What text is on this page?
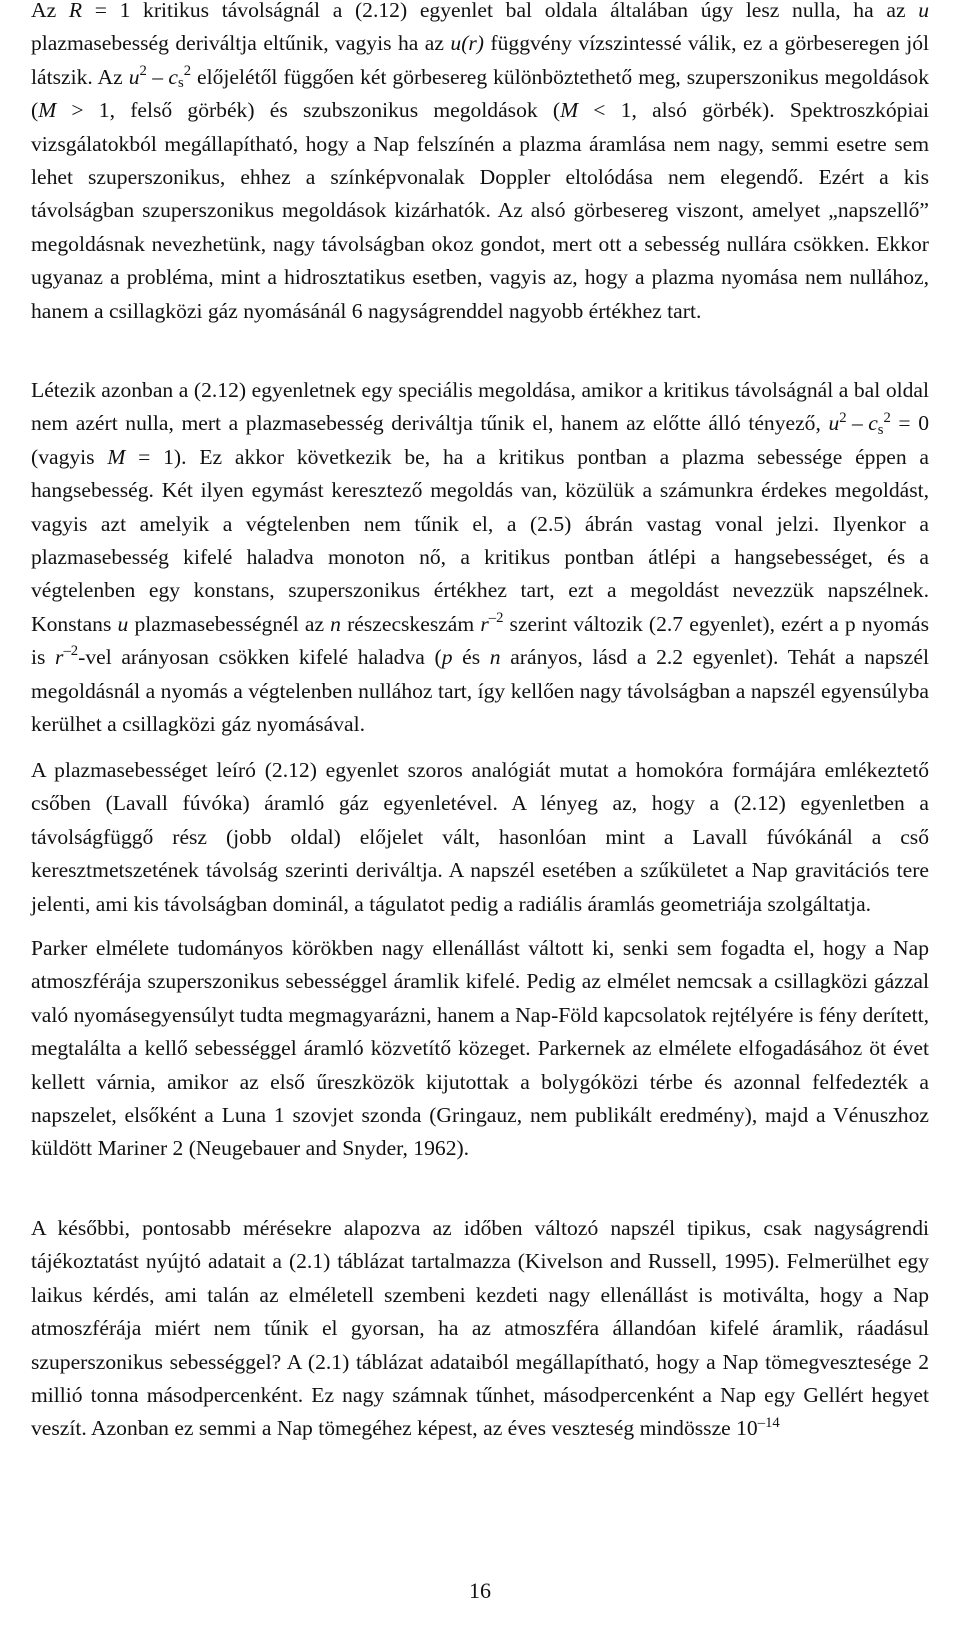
Az R = 1 kritikus távolságnál a (2.12) egyenlet bal oldala általában úgy lesz nulla, ha az u plazmasebesség deriváltja eltűnik, vagyis ha az u(r) függvény vízszintessé válik, ez a görbeseregen jól látszik. Az $u^2 - c_s^2$ előjelétől függően két görbesereg különböztethető meg, szuperszonikus megoldások (M > 1, felső görbék) és szubszonikus megoldások (M < 1, alsó görbék). Spektroszkópiai vizsgálatokból megállapítható, hogy a Nap felszínén a plazma áramlása nem nagy, semmi esetre sem lehet szuperszonikus, ehhez a színképvonalak Doppler eltolódása nem elegendő. Ezért a kis távolságban szuperszonikus megoldások kizárhatók. Az alsó görbesereg viszont, amelyet „napszellő” megoldásnak nevezhetünk, nagy távolságban okoz gondot, mert ott a sebesség nullára csökken. Ekkor ugyanaz a probléma, mint a hidrosztatikus esetben, vagyis az, hogy a plazma nyomása nem nullához, hanem a csillagközi gáz nyomásánál 6 nagyságrenddel nagyobb értékhez tart.

Létezik azonban a (2.12) egyenletnek egy speciális megoldása, amikor a kritikus távolságnál a bal oldal nem azért nulla, mert a plazmasebesség deriváltja tűnik el, hanem az előtte álló tényező, $u^2 - c_s^2 = 0$ (vagyis M = 1). Ez akkor következik be, ha a kritikus pontban a plazma sebessége éppen a hangsebesség. Két ilyen egymást keresztező megoldás van, közülük a számunkra érdekes megoldást, vagyis azt amelyik a végtelenben nem tűnik el, a (2.5) ábrán vastag vonal jelzi. Ilyenkor a plazmasebesség kifelé haladva monoton nő, a kritikus pontban átlépi a hangsebességet, és a végtelenben egy konstans, szuperszonikus értékhez tart, ezt a megoldást nevezzük napszélnek. Konstans u plazmasebességnél az n részecskeszám $r^{-2}$ szerint változik (2.7 egyenlet), ezért a p nyomás is $r^{-2}$-vel arányosan csökken kifelé haladva (p és n arányos, lásd a 2.2 egyenlet). Tehát a napszél megoldásnál a nyomás a végtelenben nullához tart, így kellően nagy távolságban a napszél egyensúlyba kerülhet a csillagközi gáz nyomásával.

A plazmasebességet leíró (2.12) egyenlet szoros analógiát mutat a homokóra formájára emlékeztető csőben (Lavall fúvóka) áramló gáz egyenletével. A lényeg az, hogy a (2.12) egyenletben a távolságfüggő rész (jobb oldal) előjelet vált, hasonlóan mint a Lavall fúvókánál a cső keresztmetszetének távolság szerinti deriváltja. A napszél esetében a szűkületet a Nap gravitációs tere jelenti, ami kis távolságban dominál, a tágulatot pedig a radiális áramlás geometriája szolgáltatja.

Parker elmélete tudományos körökben nagy ellenállást váltott ki, senki sem fogadta el, hogy a Nap atmoszférája szuperszonikus sebességgel áramlik kifelé. Pedig az elmélet nemcsak a csillagközi gázzal való nyomásegyensúlyt tudta megmagyarázni, hanem a Nap-Föld kapcsolatok rejtélyére is fény derített, megtalálta a kellő sebességgel áramló közvetítő közeget. Parkernek az elmélete elfogadásához öt évet kellett várnia, amikor az első űreszközök kijutottak a bolygóközi térbe és azonnal felfedezték a napszelet, elsőként a Luna 1 szovjet szonda (Gringauz, nem publikált eredmény), majd a Vénuszhoz küldött Mariner 2 (Neugebauer and Snyder, 1962).

A későbbi, pontosabb mérésekre alapozva az időben változó napszél tipikus, csak nagyságrendi tájékoztatást nyújtó adatait a (2.1) táblázat tartalmazza (Kivelson and Russell, 1995). Felmerülhet egy laikus kérdés, ami talán az elméletell szembeni kezdeti nagy ellenállást is motiválta, hogy a Nap atmoszférája miért nem tűnik el gyorsan, ha az atmoszféra állandóan kifelé áramlik, ráadásul szuperszonikus sebességgel? A (2.1) táblázat adataiból megállapítható, hogy a Nap tömegvesztesége 2 millió tonna másodpercenként. Ez nagy számnak tűnhet, másodpercenként a Nap egy Gellért hegyet veszít. Azonban ez semmi a Nap tömegéhez képest, az éves veszteség mindössze $10^{-14}$

16
